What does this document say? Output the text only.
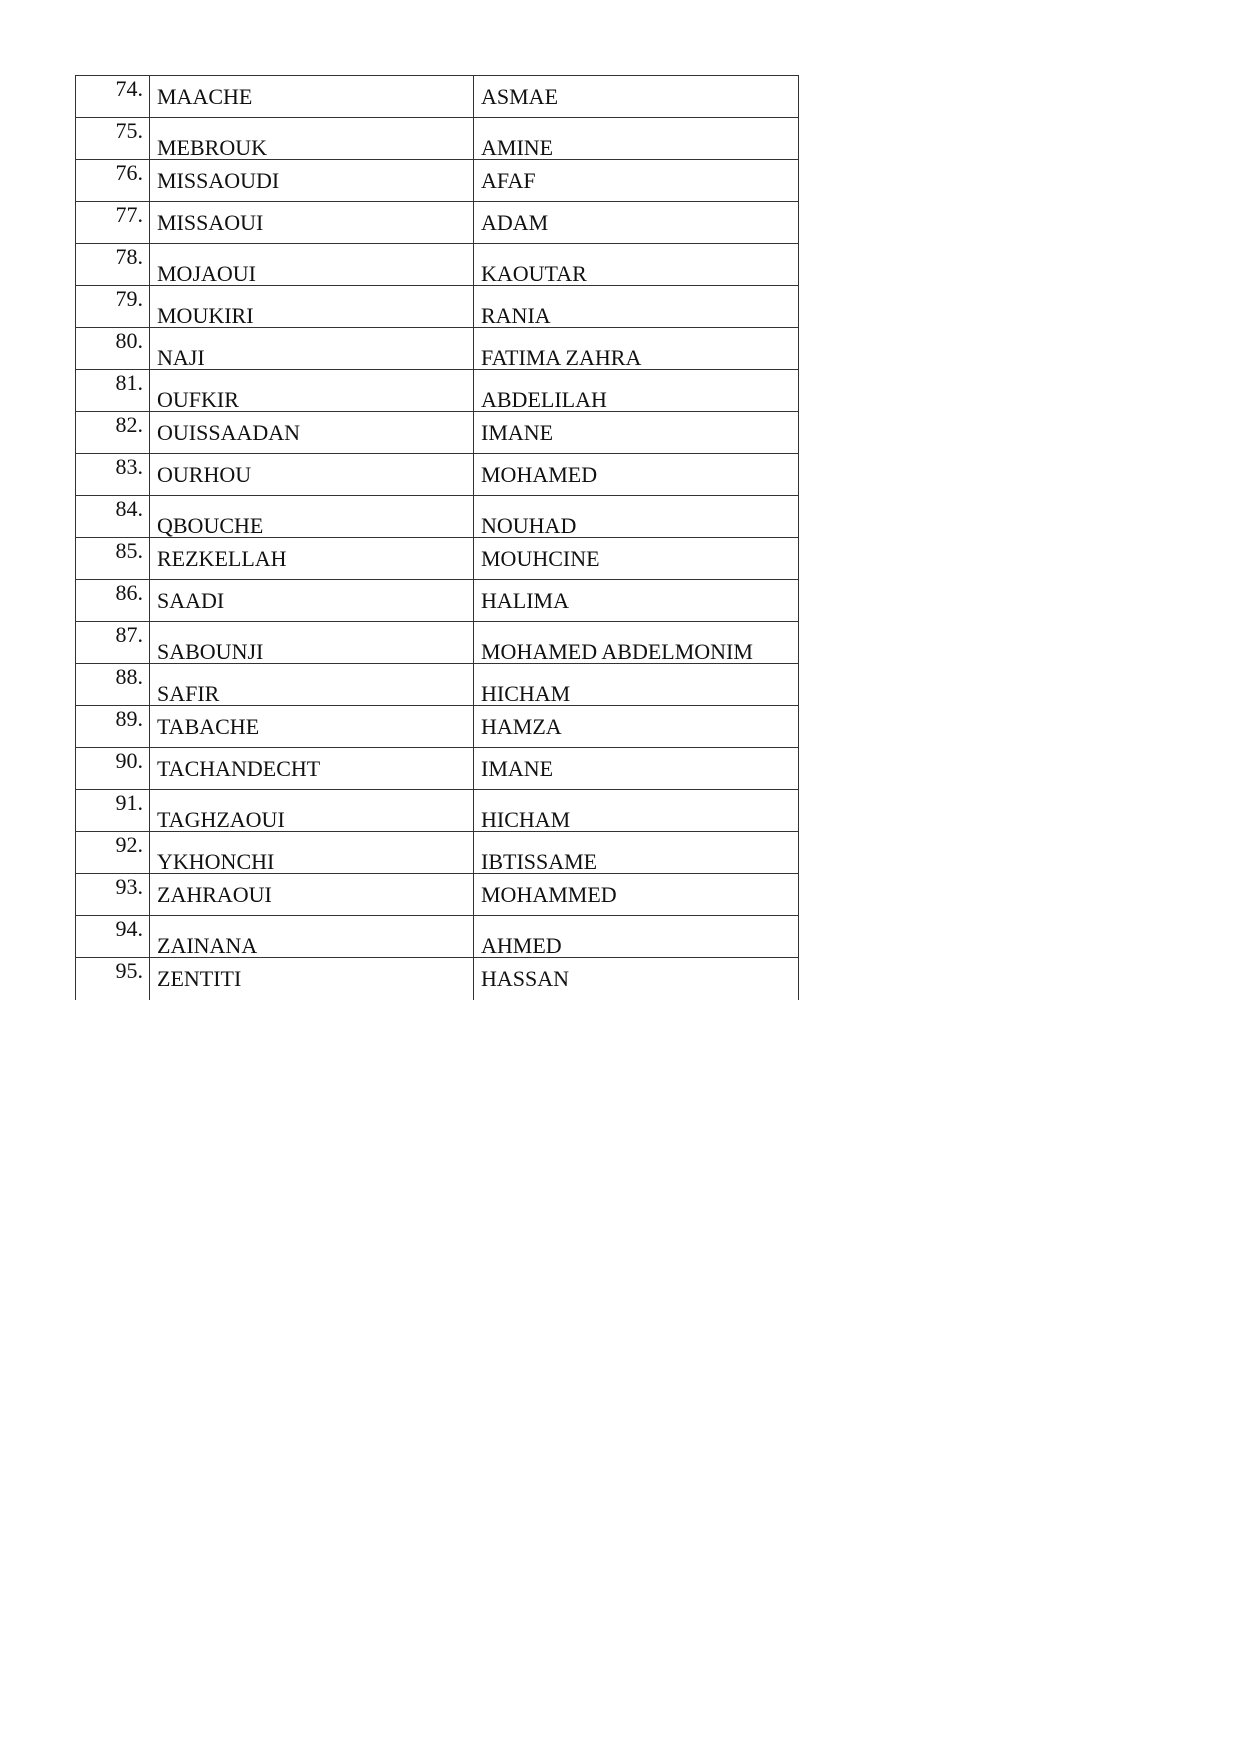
74.	MAACHE	ASMAE
75.	MEBROUK	AMINE
76.	MISSAOUDI	AFAF
77.	MISSAOUI	ADAM
78.	MOJAOUI	KAOUTAR
79.	MOUKIRI	RANIA
80.	NAJI	FATIMA ZAHRA
81.	OUFKIR	ABDELILAH
82.	OUISSAADAN	IMANE
83.	OURHOU	MOHAMED
84.	QBOUCHE	NOUHAD
85.	REZKELLAH	MOUHCINE
86.	SAADI	HALIMA
87.	SABOUNJI	MOHAMED ABDELMONIM
88.	SAFIR	HICHAM
89.	TABACHE	HAMZA
90.	TACHANDECHT	IMANE
91.	TAGHZAOUI	HICHAM
92.	YKHONCHI	IBTISSAME
93.	ZAHRAOUI	MOHAMMED
94.	ZAINANA	AHMED
95.	ZENTITI	HASSAN
